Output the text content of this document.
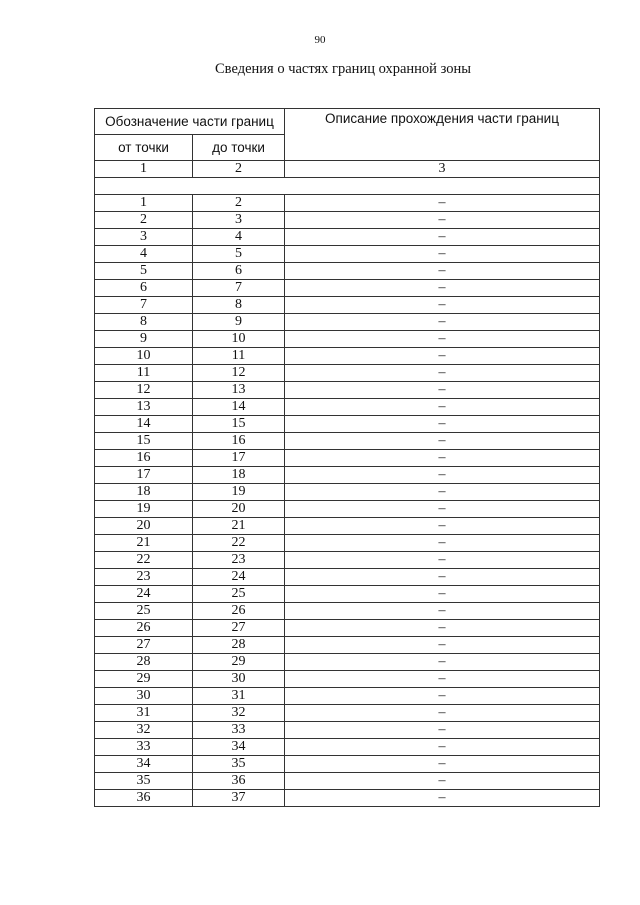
90
Сведения о частях границ охранной зоны
Обозначение части границ		Описание прохождения части границ
от точки	до точки	
1	2	3

1	2	–
2	3	–
3	4	–
4	5	–
5	6	–
6	7	–
7	8	–
8	9	–
9	10	–
10	11	–
11	12	–
12	13	–
13	14	–
14	15	–
15	16	–
16	17	–
17	18	–
18	19	–
19	20	–
20	21	–
21	22	–
22	23	–
23	24	–
24	25	–
25	26	–
26	27	–
27	28	–
28	29	–
29	30	–
30	31	–
31	32	–
32	33	–
33	34	–
34	35	–
35	36	–
36	37	–
